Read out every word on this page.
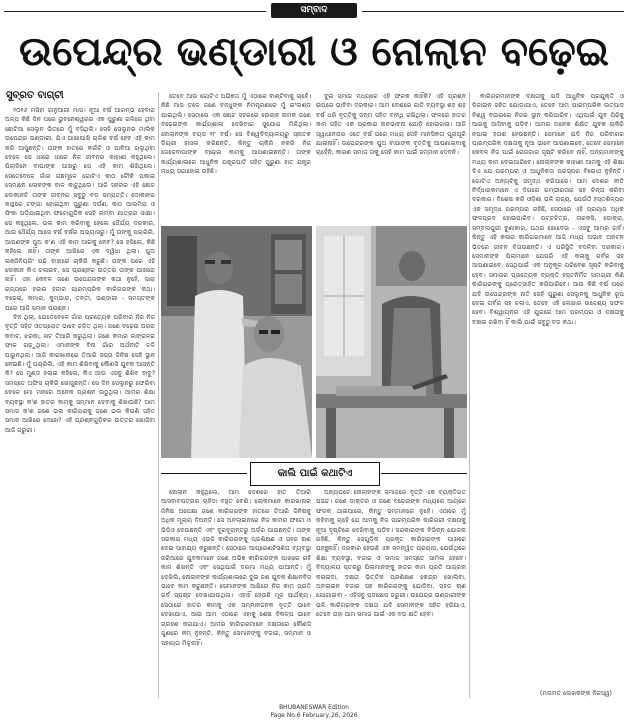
ସମ୍ବାଦ
ଉପେନ୍ଦ୍ର ଭଣ୍ଡାରୀ ଓ ନୋଲାନ ବଢ଼େଇ
ସୁବ୍ରତ ବାଗ୍‌ଚୀ

୨୦୨୬ ମସିହା ଜାନୁଆରୀ ମାସ। ନୂଆ ବର୍ଷ ଆରମ୍ଭ ହେବାର ଅଳ୍ପ କିଛି ଦିନ ପରେ ଭୁବନେଶ୍ୱରର ଏକ ପୁରୁଣା ଗଳିରେ ଥିବା ଛୋଟିଆ ସେଲୁନ ଭିତରେ ମୁଁ ବସିଥିଲି। ସେହି ସେଲୁନର ମାଲିକ ଉପେନ୍ଦ୍ର ଭଣ୍ଡାରୀ, ଯିଏ ପାଖାପାଖି ଚାଳିଶ ବର୍ଷ ହେବ ଏହି କାମ କରି ଆସୁଛନ୍ତି। ତାଙ୍କ ହାତରେ କଇଁଚି ଓ ପାନିଆ ଚାଲୁଥିବା ବେଳେ ସେ ଧୀରେ ଧୀରେ ନିଜ ଜୀବନର କାହାଣୀ କହୁଥିଲେ। ପିଲାଦିନେ ବାପାଙ୍କ ପାଖରୁ ସେ ଏହି କାମ ଶିଖିଥିଲେ। ସେତେବେଳେ ଗାଁର ଗଛମୂଳେ ଗୋଟିଏ କାଠ ଚୌକି ପକାଇ ସେମାନେ ଲୋକଙ୍କ ବାଳ କାଟୁଥିଲେ। ଆଜି ସହରର ଏହି ଛୋଟ ଦୋକାନଟି ତାଙ୍କ ଜୀବନର ସବୁଠୁ ବଡ଼ ସମ୍ପତ୍ତି। ଦୋକାନର କାନ୍ଥରେ ଟଙ୍ଗା ହୋଇଥିବା ପୁରୁଣା ଦର୍ପଣ, କାଠ ଆଲମିରା ଓ ଫିକା ପଡ଼ିଯାଇଥିବା ଫଟୋଗୁଡ଼ିକ ସେହି ଲମ୍ବା ଯାତ୍ରାର ସାକ୍ଷୀ। ସେ କହୁଥିଲେ, ଭଲ କାମ କରିବାକୁ ହେଲେ ଧୈର୍ଯ୍ୟ ଦରକାର, ଆଉ ଧୈର୍ଯ୍ୟ ଆସେ ବର୍ଷ ବର୍ଷର ଅଭ୍ୟାସରୁ। ମୁଁ ତାଙ୍କୁ ପଚାରିଲି, ଆପଣଙ୍କ ପୁଅ କ'ଣ ଏହି କାମ ଆଗକୁ ନେବ? ସେ ହସିଲେ, କିଛି କହିଲେ ନାହିଁ। ତାଙ୍କ ଆଖିରେ ଏକ ଦ୍ୱିଧା ଥିଲା। ପୁଅ ଇଞ୍ଜିନିୟରିଂ ପଢ଼ି ବାହାରେ ଚାକିରି କରୁଛି। ତାଙ୍କ ପରେ ଏହି ଦୋକାନ କିଏ ଚଳାଇବ, ସେ ପ୍ରଶ୍ନର ଉତ୍ତର ତାଙ୍କ ପାଖରେ ନାହିଁ। ଏହା କେବଳ ଜଣେ ଉପେନ୍ଦ୍ରଙ୍କ କଥା ନୁହେଁ, ସାରା ରାଜ୍ୟରେ ହଜାର ହଜାର ପାରମ୍ପରିକ କାରିଗରଙ୍କ କଥା। ବଢ଼େଇ, କମାର, କୁମ୍ଭାର, ତନ୍ତୀ, ଭଣ୍ଡାରୀ - ସମସ୍ତଙ୍କ ଘରେ ଆଜି ସମାନ ପ୍ରଶ୍ନ।

ଦିନ ଥିଲା, ଯେତେବେଳେ ଗାଁର ପ୍ରତ୍ୟେକ ପରିବାର ନିଜ ନିଜ ବୃତ୍ତି ସହିତ ଓତପ୍ରୋତ ଭାବେ ଜଡ଼ିତ ଥିଲା। ଜଣେ ବଢ଼େଇ ଘରର କବାଟ, ଝରକା, ଖଟ ତିଆରି କରୁଥିଲା। ଜଣେ କମାର ଲଙ୍ଗଳର ଫାଳ ଗଢ଼ୁଥିଲା। ଏମାନଙ୍କ ବିନା ଗାଁର ଅର୍ଥନୀତି ଚଳି ପାରୁନଥିଲା। ଆଜି କାରଖାନାରେ ତିଆରି ସସ୍ତା ଜିନିଷ ସେହି ସ୍ଥାନ ନେଇଛି। ମୁଁ ପଚାରିଲି, ଏହି କାମ ଶିଖିବାକୁ କୌଣସି ଯୁବକ ଆସନ୍ତି କି? ସେ ମୁଣ୍ଡ ହଲାଇ କହିଲେ, କିଏ ଆଉ ଏସବୁ ଶିଖିବ ବାବୁ? ସମସ୍ତେ ଅଫିସ ଚାକିରି ଖୋଜୁଛନ୍ତି। ସେ ଦିନ ସେଲୁନରୁ ଫେରିବା ବେଳେ ମୋ ମନରେ ଅନେକ ପ୍ରଶ୍ନ ଉଠୁଥିଲା। ଆମର ଶିକ୍ଷା ବ୍ୟବସ୍ଥା କ'ଣ ହାତର କାମକୁ ସମ୍ମାନ ଦେବାକୁ ଶିଖାଉଛି? ଆମ ସମାଜ କ'ଣ ଜଣେ ଭଲ କାରିଗରକୁ ଜଣେ ଭଲ କିରାଣି ସହିତ ସମାନ ଆଖିରେ ଦେଖେ? ଏହି ପ୍ରଶ୍ନଗୁଡ଼ିକର ଉତ୍ତର ଖୋଜିବା ଆଜି ଜରୁରୀ।

ତେବେ ଆଉ ଗୋଟିଏ ଅଭିଜ୍ଞତା ମୁଁ ଏଠାରେ ବାଣ୍ଟିବାକୁ ଚାହେଁ। କିଛି ମାସ ତଳେ ଜଣେ ବନ୍ଧୁଙ୍କ ନିମନ୍ତ୍ରଣରେ ମୁଁ ଇଂଲଣ୍ଡ ଯାଇଥିଲି। ସେଠାରେ ଏକ ଛୋଟ ସହରରେ ନୋଲାନ ନାମକ ଜଣେ ବଢ଼େଇଙ୍କ କାର୍ଯ୍ୟଶାଳା ଦେଖିବାର ସୁଯୋଗ ମିଳିଥିଲା। ନୋଲାନଙ୍କ ବୟସ ୨୮ ବର୍ଷ। ସେ ବିଶ୍ୱବିଦ୍ୟାଳୟରୁ ସ୍ନାତକ ଡିଗ୍ରୀ ହାସଲ କରିଛନ୍ତି, କିନ୍ତୁ ଚାକିରି ନକରି ନିଜ ଜେଜେବାପାଙ୍କ ବଢ଼େଇ କାମକୁ ଆପଣାଇଛନ୍ତି। ତାଙ୍କ କାର୍ଯ୍ୟଶାଳାରେ ଆଧୁନିକ ଯନ୍ତ୍ରପାତି ସହିତ ପୁରୁଣା ହାତ ଯନ୍ତ୍ର ମଧ୍ୟ ସଜାହୋଇ ରହିଛି।

ଦୁଇ ସମାଜ ମଧ୍ୟରେ ଏହି ଫରକ କାହିଁକି? ଏହି ପ୍ରଶ୍ନ ଉପରେ ଭାବିବା ଦରକାର। ଆମ ଦେଶରେ ଜାତି ବ୍ୟବସ୍ଥା ଶହ ଶହ ବର୍ଷ ଧରି ବୃତ୍ତିକୁ ଜନ୍ମ ସହିତ ବାନ୍ଧି ରଖିଥିଲା। ଫଳରେ ହାତର କାମ ସହିତ ଏକ ପ୍ରକାର ହୀନଭାବନା ଯୋଡ଼ି ହୋଇଗଲା। ଆଜି ସ୍ୱାଧୀନତାର ଏତେ ବର୍ଷ ପରେ ମଧ୍ୟ ସେହି ମାନସିକତା ପୂରାପୂରି ଯାଇନାହିଁ। ଉପେନ୍ଦ୍ରଙ୍କ ପୁଅ ବାପାଙ୍କ ବୃତ୍ତିକୁ ଆପଣାଇବାକୁ ଚାହେଁନି, କାରଣ ସମାଜ ତାକୁ ସେହି କାମ ପାଇଁ ସମ୍ମାନ ଦେବନି।

କାରିଗରମାନଙ୍କ ଦକ୍ଷତାକୁ ଯଦି ଆଧୁନିକ ପ୍ରଯୁକ୍ତି ଓ ଡିଜାଇନ ସହିତ ଯୋଡ଼ାଯାଏ, ତେବେ ଆମ ପାରମ୍ପରିକ ଉତ୍ପାଦ ବିଶ୍ୱ ବଜାରରେ ନିଜର ସ୍ଥାନ କରିପାରିବ। ଏଥିପାଇଁ ଯୁବ ପିଢ଼ିକୁ ଆଗକୁ ଆସିବାକୁ ପଡ଼ିବ। ଆମର ଅନେକ ଶିକ୍ଷିତ ଯୁବକ ଚାକିରି ନପାଇ ହତାଶ ହେଉଛନ୍ତି। ସେମାନେ ଯଦି ନିଜ ପରିବାରର ପାରମ୍ପରିକ ଦକ୍ଷତାକୁ ନୂଆ ଭାବେ ଆପଣାଇବେ, ତେବେ ସେମାନେ କେବଳ ନିଜ ପାଇଁ ରୋଜଗାର ସୃଷ୍ଟି କରିବେ ନାହିଁ, ଅନ୍ୟମାନଙ୍କୁ ମଧ୍ୟ କାମ ଦେଇପାରିବେ। ନୋଲାନଙ୍କ କାହାଣୀ ଆମକୁ ଏହି ଶିକ୍ଷା ଦିଏ ଯେ ପରମ୍ପରା ଓ ଆଧୁନିକତା ପରସ୍ପର ବିରୋଧୀ ନୁହଁନ୍ତି। ଗୋଟିଏ ଅନ୍ୟଟିକୁ ସମୃଦ୍ଧ କରିପାରେ। ଆମ ଦେଶର ନୀତି ନିର୍ଦ୍ଧାରକମାନେ ଏ ଦିଗରେ ଗମ୍ଭୀରତାର ସହ ଚିନ୍ତା କରିବା ଦରକାର। ବିଶେଷ କରି ଓଡ଼ିଶା ଭଳି ରାଜ୍ୟ, ଯେଉଁଠି ହସ୍ତଶିଳ୍ପର ଏକ ସମୃଦ୍ଧ ପରମ୍ପରା ରହିଛି, ସେଠାରେ ଏହି ପ୍ରୟାସ ଅଧିକ ଫଳପ୍ରଦ ହୋଇପାରିବ। ପଟ୍ଟଚିତ୍ର, ତାରକସି, ଡୋକ୍ରା, ସମ୍ବଲପୁରୀ ବୁଣାକାର, ପଥର ଖୋଦେଇ - ଏସବୁ ଆମର ଗର୍ବ। କିନ୍ତୁ ଏହି କଳାର କାରିଗରମାନେ ଆଜି ମଧ୍ୟ ଅଭାବ ଅନଟନ ଭିତରେ ଜୀବନ ବିତାଉଛନ୍ତି। ଏ ପରିସ୍ଥିତି ବଦଳିବା ଦରକାର। ସେମାନଙ୍କ ପିଲାମାନେ ଯେପରି ଏହି କଳାକୁ ଗର୍ବର ସହ ଆପଣାଇବେ, ସେଥିପାଇଁ ଏକ ଅନୁକୂଳ ପରିବେଶ ସୃଷ୍ଟି କରିବାକୁ ହେବ। ସମାଜର ପ୍ରତ୍ୟେକ ବ୍ୟକ୍ତି ହସ୍ତନିର୍ମିତ ସାମଗ୍ରୀ କିଣି କାରିଗରଙ୍କୁ ପ୍ରୋତ୍ସାହିତ କରିପାରିବେ। ଆଉ କିଛି ବର୍ଷ ପରେ ଯଦି ଉପେନ୍ଦ୍ରଙ୍କ ନାତି ସେହି ପୁରୁଣା ସେଲୁନକୁ ଆଧୁନିକ ରୂପ ଦେଇ ଗର୍ବର ସହ ଚଳାଏ, ତେବେ ଏହି ଲେଖାର ଉଦ୍ଦେଶ୍ୟ ସଫଳ ହେବ। ବିଶ୍ୱାୟନର ଏହି ଯୁଗରେ ଆମ ପରମ୍ପରା ଓ ଦକ୍ଷତାକୁ ବଞ୍ଚାଇ ରଖିବା ହିଁ କାଲି ପାଇଁ ସବୁଠୁ ବଡ଼ କଥା।

କାଲି ପାଇଁ କଥାଟିଏ

ନୋଲାନ କହୁଥିଲେ, ଆମ ଦେଶରେ ହାତ ତିଆରି ଆସବାବପତ୍ରର ଚାହିଦା ବହୁତ ବେଶି। ଲୋକମାନେ କାରଖାନାର ଜିନିଷ ଅପେକ୍ଷା ଜଣେ କାରିଗରଙ୍କ ହାତରେ ତିଆରି ଜିନିଷକୁ ଅଧିକ ମୂଲ୍ୟ ଦିଅନ୍ତି। ସେ ଅନଲାଇନରେ ନିଜ କାମର ଫଟୋ ଓ ଭିଡିଓ ଦେଉଛନ୍ତି ଏବଂ ଦୂରଦୂରାନ୍ତରୁ ଅର୍ଡର ପାଉଛନ୍ତି। ତାଙ୍କ ସରକାର ମଧ୍ୟ ଏଭଳି କାରିଗରଙ୍କୁ ପ୍ରଶିକ୍ଷଣ ଓ ସହଜ ଋଣ ଦେଇ ସାହାଯ୍ୟ କରୁଛନ୍ତି। ସେଠାରେ ଆପ୍ରେଣ୍ଟିସଶିପ ବ୍ୟବସ୍ଥା ଜରିଆରେ ଯୁବକମାନେ ଜଣେ ଅଭିଜ୍ଞ କାରିଗରଙ୍କ ପାଖରେ ରହି କାମ ଶିଖନ୍ତି ଏବଂ ସେଥିପାଇଁ ଦରମା ମଧ୍ୟ ପାଆନ୍ତି। ମୁଁ ଦେଖିଲି, ନୋଲାନଙ୍କ କାର୍ଯ୍ୟଶାଳାରେ ଦୁଇ ଜଣ ଯୁବକ ଶିକ୍ଷାନବିସ ଭାବେ କାମ କରୁଛନ୍ତି। ସେମାନଙ୍କ ଆଖିରେ ନିଜ କାମ ପ୍ରତି ଗର୍ବ ସ୍ପଷ୍ଟ ଦେଖାଯାଉଥିଲା। ଏହାହିଁ ହେଉଛି ମୂଳ ପାର୍ଥକ୍ୟ। ସେଠାରେ ହାତର କାମକୁ ଏକ ସମ୍ମାନଜନକ ବୃତ୍ତି ଭାବେ ଦେଖାଯାଏ, ଆଉ ଆମ ଏଠାରେ ଏହାକୁ ଶେଷ ବିକଳ୍ପ ଭାବେ ଗ୍ରହଣ କରାଯାଏ। ଆମର କାରିଗରମାନେ ଦକ୍ଷତାରେ କୌଣସି ଗୁଣରେ କମ୍ ନୁହନ୍ତି, କିନ୍ତୁ ସେମାନଙ୍କୁ ବଜାର, ସମ୍ମାନ ଓ ସହାୟତା ମିଳୁନାହିଁ।

ଅନ୍ୟପଟେ ନୋଲାନଙ୍କ ସମାଜରେ ବୃତ୍ତି ଏକ ବ୍ୟକ୍ତିଗତ ପସନ୍ଦ। ଜଣେ ଡାକ୍ତର ଓ ଜଣେ ବଢ଼େଇଙ୍କ ମଧ୍ୟରେ ଆୟରେ ଫରକ ଥାଇପାରେ, କିନ୍ତୁ ସମ୍ମାନରେ ନୁହେଁ। ଏଠାରେ ମୁଁ କହିବାକୁ ଚାହେଁ ଯେ ଆମକୁ ନିଜ ପାରମ୍ପରିକ କାରିଗରୀ ଦକ୍ଷତାକୁ ନୂଆ ଦୃଷ୍ଟିରେ ଦେଖିବାକୁ ପଡ଼ିବ। ସରକାରଙ୍କ ବିଭିନ୍ନ ଯୋଜନା ରହିଛି, କିନ୍ତୁ ସେଗୁଡ଼ିକ ପ୍ରକୃତ କାରିଗରଙ୍କ ପାଖରେ ପହଞ୍ଚୁନାହିଁ। ଦରକାର ହେଉଛି ଏକ ସମନ୍ୱିତ ପ୍ରୟାସ, ଯେଉଁଥିରେ ଶିକ୍ଷା ବ୍ୟବସ୍ଥା, ବଜାର ଓ ସମାଜ ସମସ୍ତେ ସାମିଲ ହେବେ। ବିଦ୍ୟାଳୟ ସ୍ତରରୁ ପିଲାମାନଙ୍କୁ ହାତର କାମ ପ୍ରତି ଆଗ୍ରହୀ କରାଇବା, ଦକ୍ଷତା ଭିତ୍ତିକ ପ୍ରଶିକ୍ଷଣ କେନ୍ଦ୍ର ଖୋଲିବା, ଅନଲାଇନ ବଜାର ସହ କାରିଗରଙ୍କୁ ଯୋଡ଼ିବା, ସହଜ ଋଣ ଯୋଗାଇବା - ଏହିସବୁ ପଦକ୍ଷେପ ଜରୁରୀ। ଉପେନ୍ଦ୍ର ଭଣ୍ଡାରୀଙ୍କ ଭଳି କାରିଗରଙ୍କ ଦକ୍ଷତା ଯଦି ସେମାନଙ୍କ ସହିତ ହଜିଯାଏ, ତେବେ ତାହା ଆମ ସମାଜ ପାଇଁ ଏକ ବଡ଼ କ୍ଷତି ହେବ।

(ମତାମତ ଲେଖକଙ୍କ ନିଜସ୍ୱ)
BHUBANESWAR Edition
Page No.6 February 26, 2026
